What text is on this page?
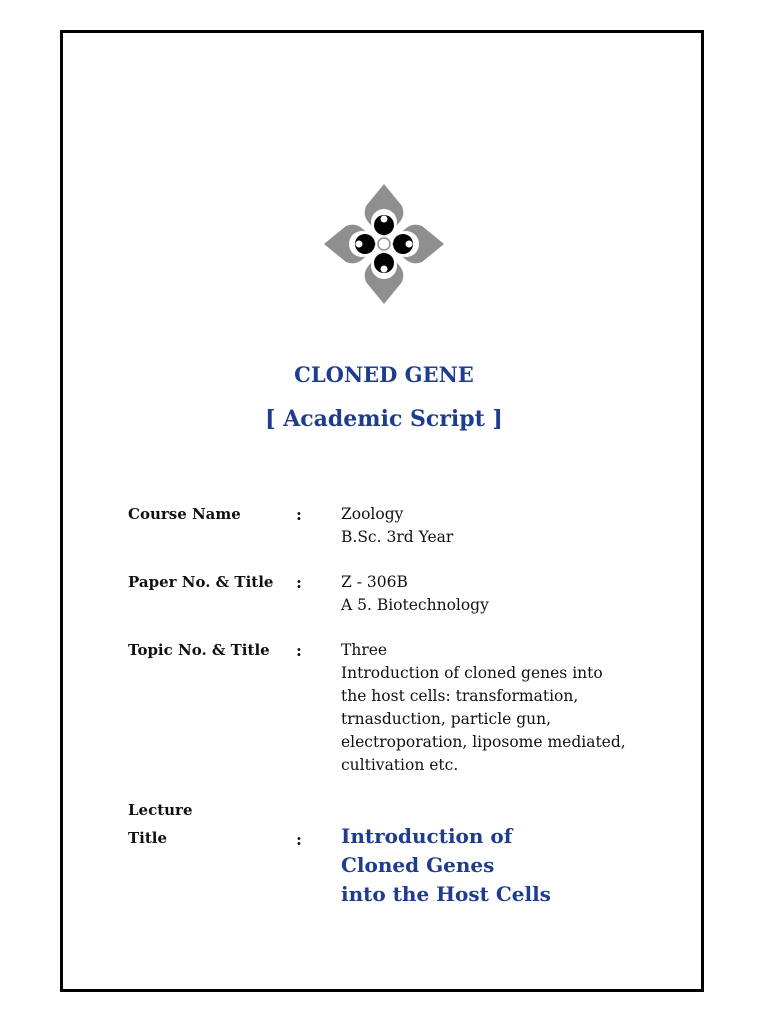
CLONED GENE
[ Academic Script ]
Course Name	:	Zoology
B.Sc. 3rd Year
Paper No. & Title :	Z - 306B
A 5. Biotechnology
Topic No. & Title :	Three
Introduction of cloned genes into
the host cells: transformation,
trnasduction, particle gun,
electroporation, liposome mediated,
cultivation etc.
Lecture
Title	: Introduction of
Cloned Genes
into the Host Cells
